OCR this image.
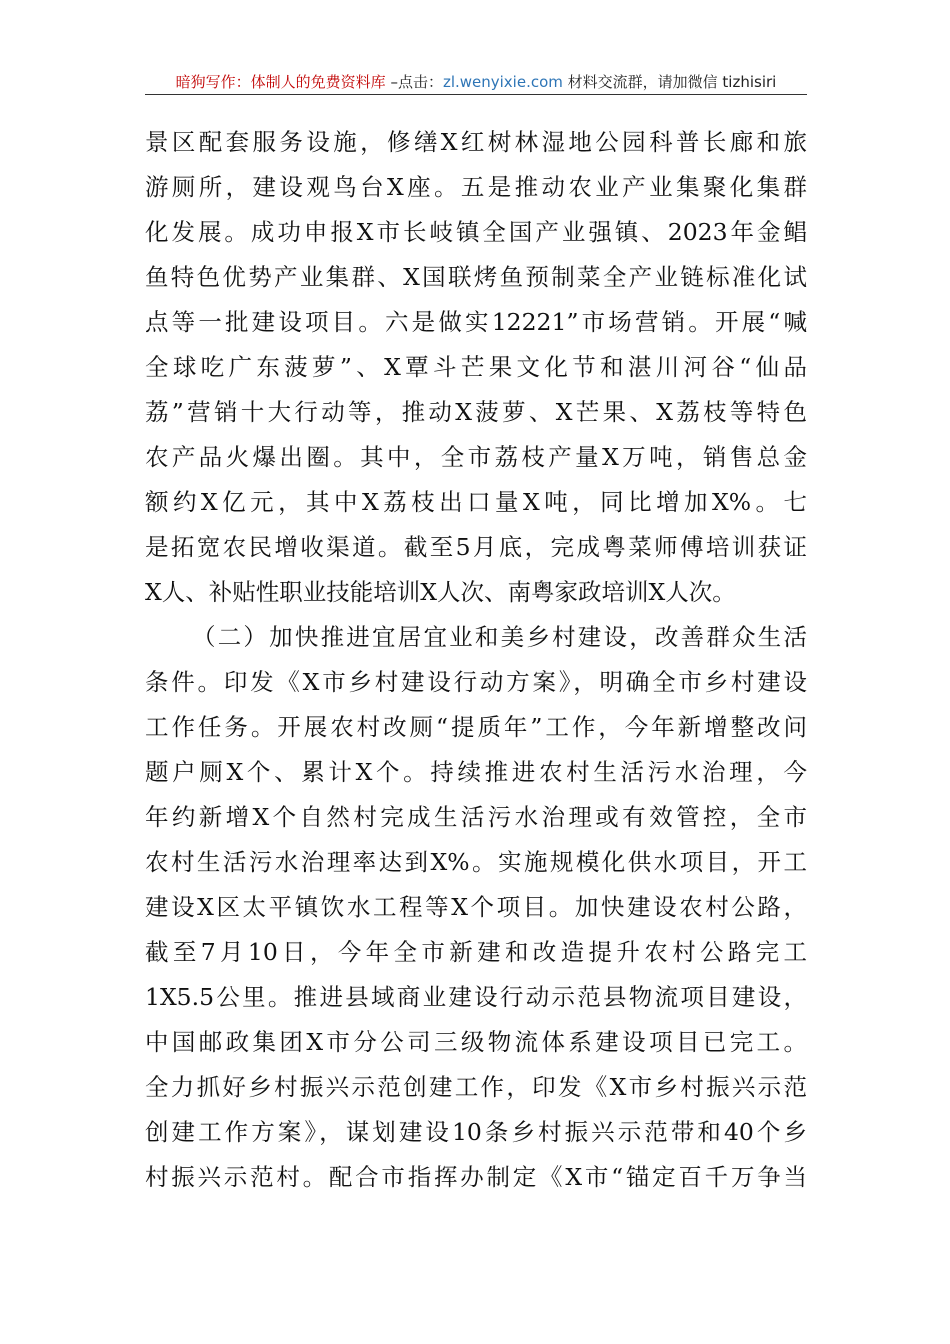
暗狗写作：体制人的免费资料库 –点击：zl.wenyixie.com 材料交流群，请加微信 tizhisiri
景区配套服务设施，修缮X红树林湿地公园科普长廊和旅
游厕所，建设观鸟台X座。五是推动农业产业集聚化集群
化发展。成功申报X市长岐镇全国产业强镇、2023年金鲳
鱼特色优势产业集群、X国联烤鱼预制菜全产业链标准化试
点等一批建设项目。六是做实12221”市场营销。开展“喊
全球吃广东菠萝”、X覃斗芒果文化节和湛川河谷“仙品
荔”营销十大行动等，推动X菠萝、X芒果、X荔枝等特色
农产品火爆出圈。其中，全市荔枝产量X万吨，销售总金
额约X亿元，其中X荔枝出口量X吨，同比增加X%。七
是拓宽农民增收渠道。截至5月底，完成粤菜师傅培训获证
X人、补贴性职业技能培训X人次、南粤家政培训X人次。
（二）加快推进宜居宜业和美乡村建设，改善群众生活
条件。印发《X市乡村建设行动方案》，明确全市乡村建设
工作任务。开展农村改厕“提质年”工作，今年新增整改问
题户厕X个、累计X个。持续推进农村生活污水治理，今
年约新增X个自然村完成生活污水治理或有效管控，全市
农村生活污水治理率达到X%。实施规模化供水项目，开工
建设X区太平镇饮水工程等X个项目。加快建设农村公路，
截至7月10日，今年全市新建和改造提升农村公路完工
1X5.5公里。推进县域商业建设行动示范县物流项目建设，
中国邮政集团X市分公司三级物流体系建设项目已完工。
全力抓好乡村振兴示范创建工作，印发《X市乡村振兴示范
创建工作方案》，谋划建设10条乡村振兴示范带和40个乡
村振兴示范村。配合市指挥办制定《X市“锚定百千万争当
